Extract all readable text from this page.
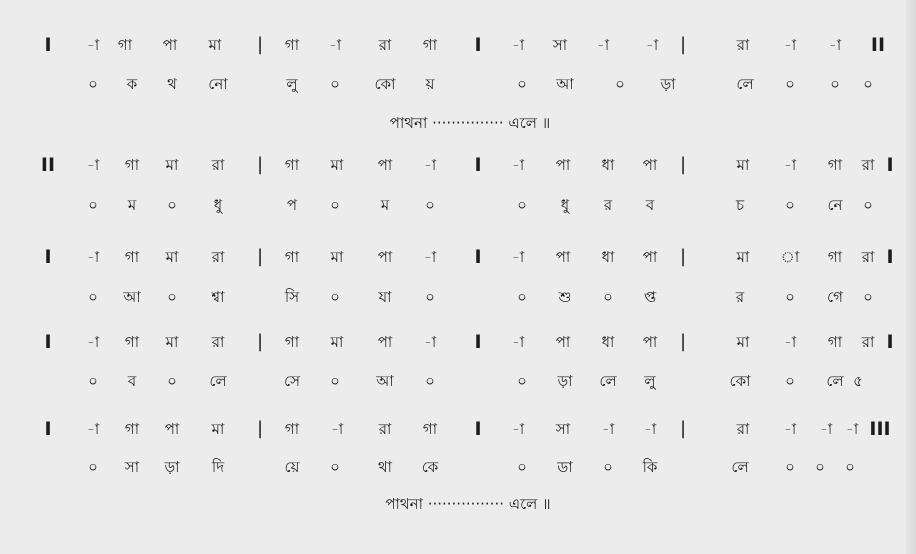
I -া গা পা মা | গা -া	রা গা I -া সা -া -া |	রা -া -া II
০ ক থ নো	লু ০ কো য়	০ আ	০ ড়া	লে ০ ০ ০
পাথনা ··············· এলে ॥
II -া গা মা রা | গা মা পা -া I -া পা ধা পা |	মা -া গা রা I
০ ম ০ ধু	প ০	ম ০	০ ধু র ব	চ	০ নে ০
I -া গা মা রা | গা মা পা -া I -া পা ধা পা |	মা া গা রা I
০ আ ০ শ্বা	সি ০	যা ০	০ শু ০ প্ত	র	০ গে ০
I -া গা মা রা | গা মা পা -া I -া পা ধা পা |	মা -া গা রা I
০ ব ০ লে	সে ০ আ ০	০ ড়া লে লু	কো ০ লে ৫
I -া গা পা মা | গা -া রা গা I -া সা -া -া |	রা -া -া -া III
০ সা ড়া দি	য়ে ০	থা কে	০ ডা ০ কি	লে ০ ০ ০
পাথনা ················ এলে ॥
